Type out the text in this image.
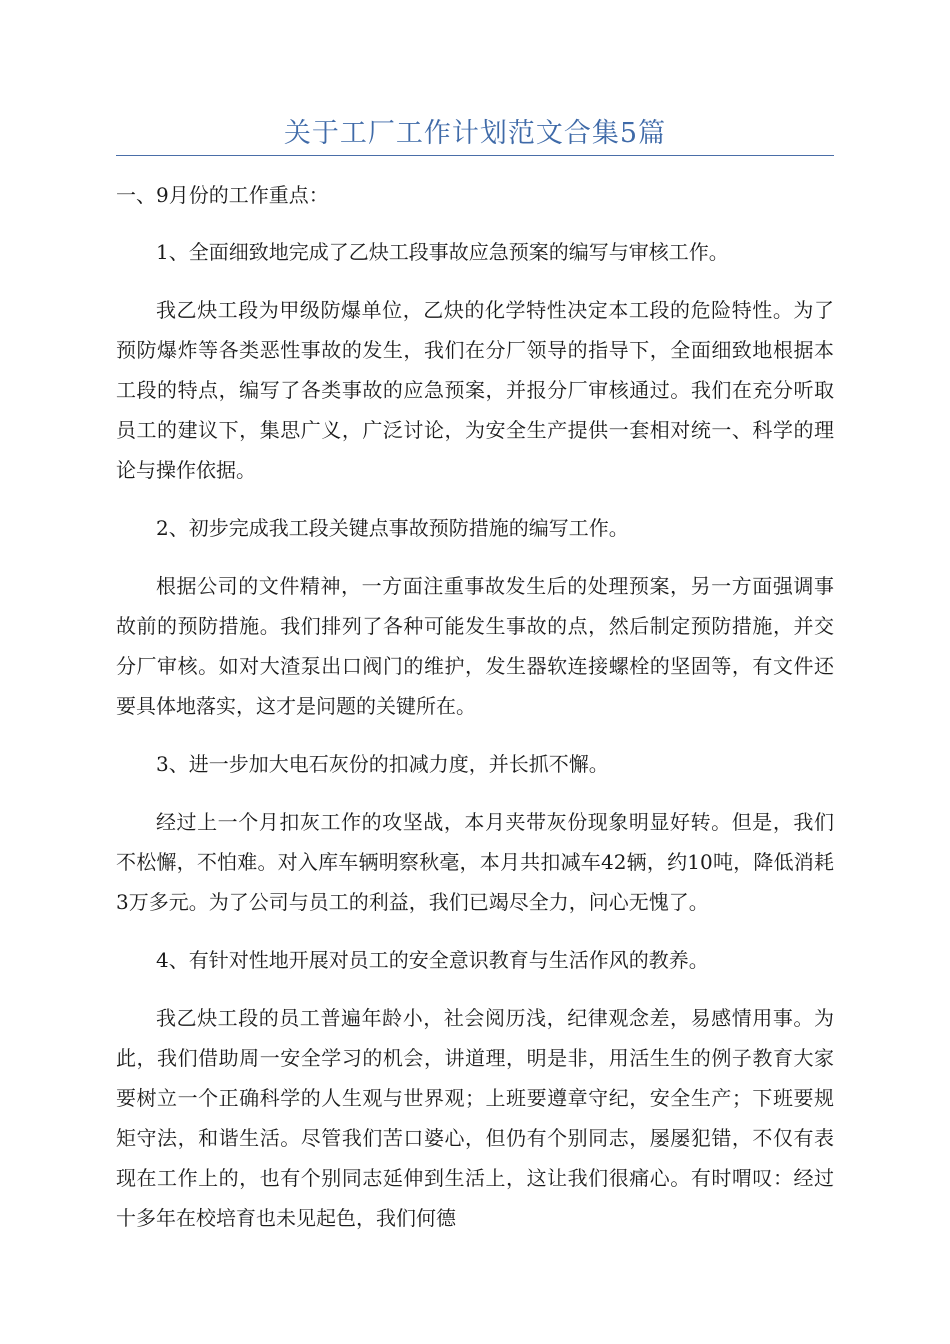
关于工厂工作计划范文合集5篇

一、9月份的工作重点：

1、全面细致地完成了乙炔工段事故应急预案的编写与审核工作。

我乙炔工段为甲级防爆单位，乙炔的化学特性决定本工段的危险特性。为了预防爆炸等各类恶性事故的发生，我们在分厂领导的指导下，全面细致地根据本工段的特点，编写了各类事故的应急预案，并报分厂审核通过。我们在充分听取员工的建议下，集思广义，广泛讨论，为安全生产提供一套相对统一、科学的理论与操作依据。

2、初步完成我工段关键点事故预防措施的编写工作。

根据公司的文件精神，一方面注重事故发生后的处理预案，另一方面强调事故前的预防措施。我们排列了各种可能发生事故的点，然后制定预防措施，并交分厂审核。如对大渣泵出口阀门的维护，发生器软连接螺栓的坚固等，有文件还要具体地落实，这才是问题的关键所在。

3、进一步加大电石灰份的扣减力度，并长抓不懈。

经过上一个月扣灰工作的攻坚战，本月夹带灰份现象明显好转。但是，我们不松懈，不怕难。对入库车辆明察秋毫，本月共扣减车42辆，约10吨，降低消耗3万多元。为了公司与员工的利益，我们已竭尽全力，问心无愧了。

4、有针对性地开展对员工的安全意识教育与生活作风的教养。

我乙炔工段的员工普遍年龄小，社会阅历浅，纪律观念差，易感情用事。为此，我们借助周一安全学习的机会，讲道理，明是非，用活生生的例子教育大家要树立一个正确科学的人生观与世界观；上班要遵章守纪，安全生产；下班要规矩守法，和谐生活。尽管我们苦口婆心，但仍有个别同志，屡屡犯错，不仅有表现在工作上的，也有个别同志延伸到生活上，这让我们很痛心。有时喟叹：经过十多年在校培育也未见起色，我们何德
